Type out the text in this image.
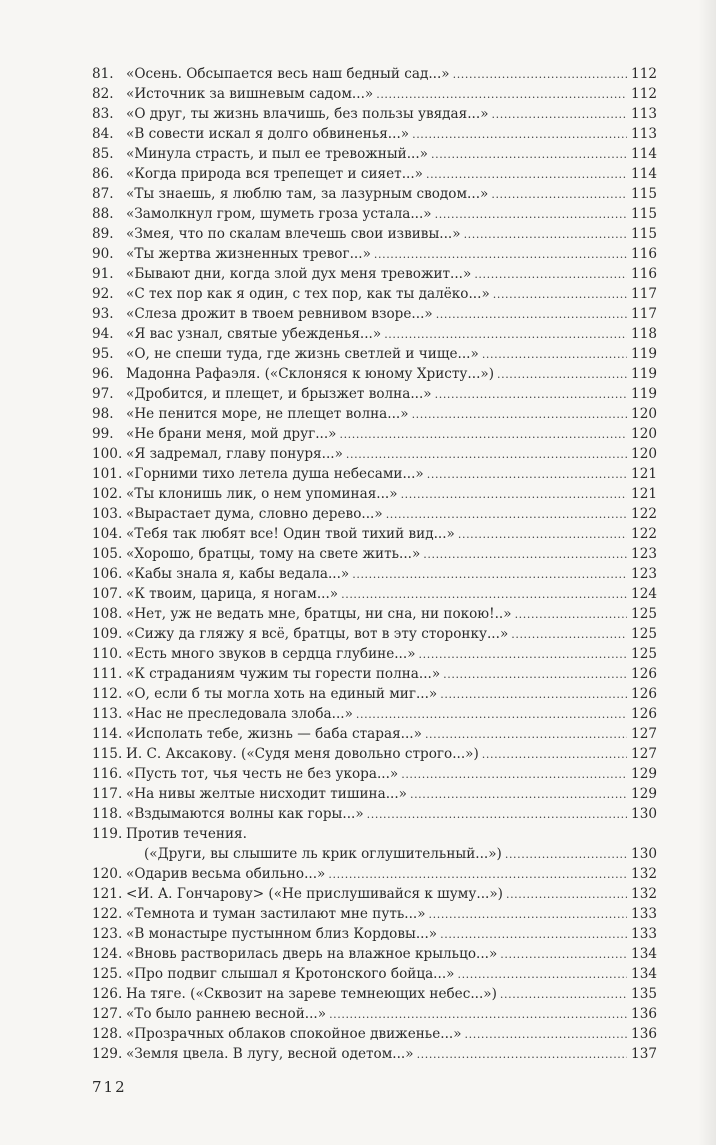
81. «Осень. Обсыпается весь наш бедный сад...» .....	112
82. «Источник за вишневым садом...» .....	112
83. «О друг, ты жизнь влачишь, без пользы увядая...» .....	113
84. «В совести искал я долго обвиненья...» .....	113
85. «Минула страсть, и пыл ее тревожный...» .....	114
86. «Когда природа вся трепещет и сияет...» .....	114
87. «Ты знаешь, я люблю там, за лазурным сводом...» .....	115
88. «Замолкнул гром, шуметь гроза устала...» .....	115
89. «Змея, что по скалам влечешь свои извивы...» .....	115
90. «Ты жертва жизненных тревог...» .....	116
91. «Бывают дни, когда злой дух меня тревожит...» .....	116
92. «С тех пор как я один, с тех пор, как ты далёко...» .....	117
93. «Слеза дрожит в твоем ревнивом взоре...» .....	117
94. «Я вас узнал, святые убежденья...» .....	118
95. «О, не спеши туда, где жизнь светлей и чище...» .....	119
96. Мадонна Рафаэля. («Склоняся к юному Христу...») .....	119
97. «Дробится, и плещет, и брызжет волна...» .....	119
98. «Не пенится море, не плещет волна...» .....	120
99. «Не брани меня, мой друг...» .....	120
100. «Я задремал, главу понуря...» .....	120
101. «Горними тихо летела душа небесами...» .....	121
102. «Ты клонишь лик, о нем упоминая...» .....	121
103. «Вырастает дума, словно дерево...» .....	122
104. «Тебя так любят все! Один твой тихий вид...» .....	122
105. «Хорошо, братцы, тому на свете жить...» .....	123
106. «Кабы знала я, кабы ведала...» .....	123
107. «К твоим, царица, я ногам...» .....	124
108. «Нет, уж не ведать мне, братцы, ни сна, ни покою!..» .....	125
109. «Сижу да гляжу я всё, братцы, вот в эту сторонку...» .....	125
110. «Есть много звуков в сердца глубине...» .....	125
111. «К страданиям чужим ты горести полна...» .....	126
112. «О, если б ты могла хоть на единый миг...» .....	126
113. «Нас не преследовала злоба...» .....	126
114. «Исполать тебе, жизнь — баба старая...» .....	127
115. И. С. Аксакову. («Судя меня довольно строго...») .....	127
116. «Пусть тот, чья честь не без укора...» .....	129
117. «На нивы желтые нисходит тишина...» .....	129
118. «Вздымаются волны как горы...» .....	130
119. Против течения.
(«Други, вы слышите ль крик оглушительный...») .....	130
120. «Одарив весьма обильно...» .....	132
121. <И. А. Гончарову> («Не прислушивайся к шуму...») .....	132
122. «Темнота и туман застилают мне путь...» .....	133
123. «В монастыре пустынном близ Кордовы...» .....	133
124. «Вновь растворилась дверь на влажное крыльцо...» .....	134
125. «Про подвиг слышал я Кротонского бойца...» .....	134
126. На тяге. («Сквозит на зареве темнеющих небес...») .....	135
127. «То было раннею весной...» .....	136
128. «Прозрачных облаков спокойное движенье...» .....	136
129. «Земля цвела. В лугу, весной одетом...» .....	137
712
